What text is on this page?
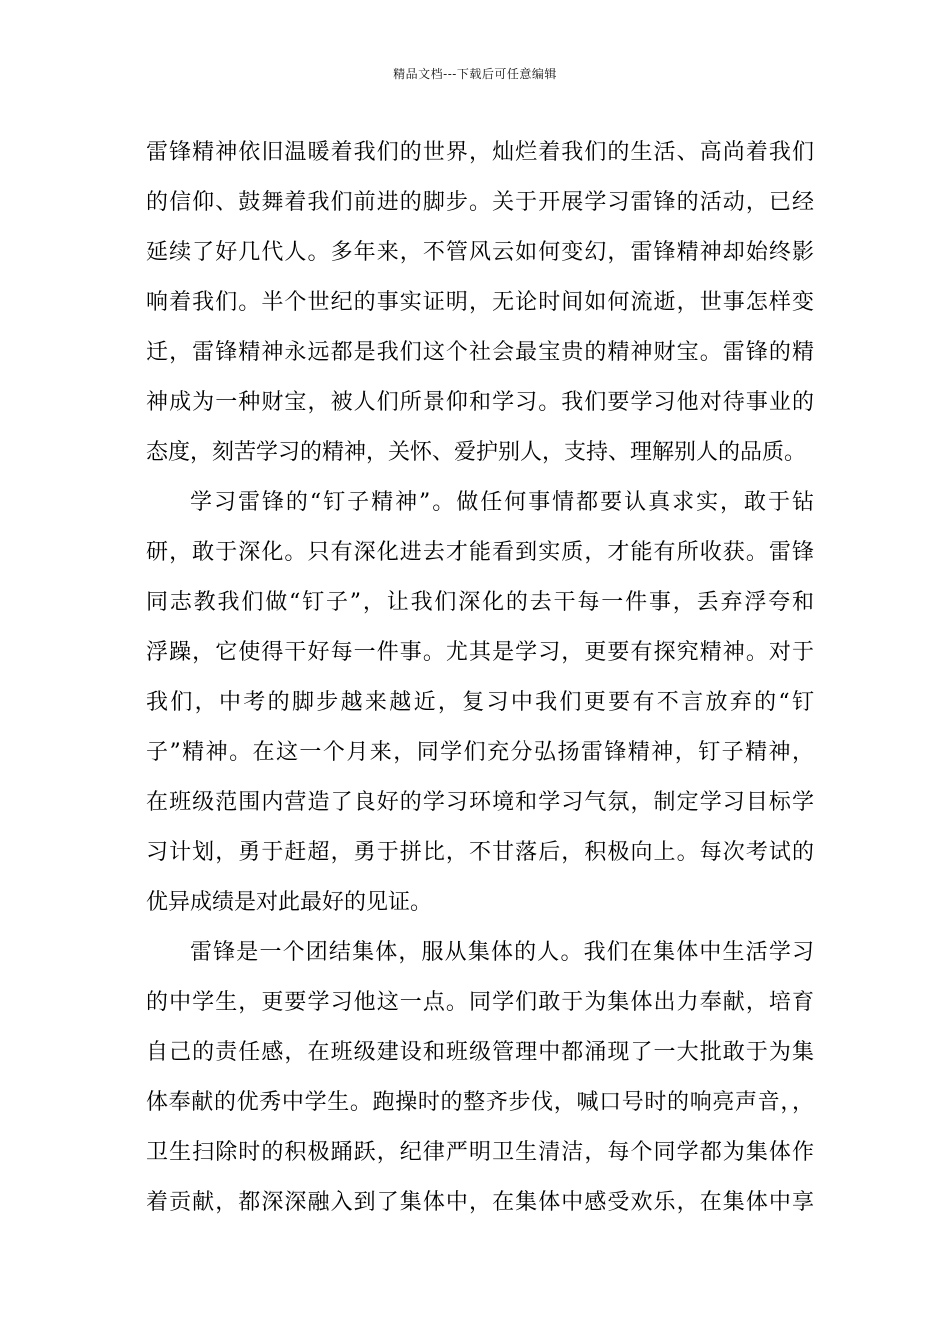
精品文档---下载后可任意编辑
雷锋精神依旧温暖着我们的世界，灿烂着我们的生活、高尚着我们
的信仰、鼓舞着我们前进的脚步。关于开展学习雷锋的活动，已经
延续了好几代人。多年来，不管风云如何变幻，雷锋精神却始终影
响着我们。半个世纪的事实证明，无论时间如何流逝，世事怎样变
迁，雷锋精神永远都是我们这个社会最宝贵的精神财宝。雷锋的精
神成为一种财宝，被人们所景仰和学习。我们要学习他对待事业的
态度，刻苦学习的精神，关怀、爱护别人，支持、理解别人的品质。
学习雷锋的“钉子精神”。做任何事情都要认真求实，敢于钻
研，敢于深化。只有深化进去才能看到实质，才能有所收获。雷锋
同志教我们做“钉子”，让我们深化的去干每一件事，丢弃浮夸和
浮躁，它使得干好每一件事。尤其是学习，更要有探究精神。对于
我们，中考的脚步越来越近，复习中我们更要有不言放弃的“钉
子”精神。在这一个月来，同学们充分弘扬雷锋精神，钉子精神，
在班级范围内营造了良好的学习环境和学习气氛，制定学习目标学
习计划，勇于赶超，勇于拼比，不甘落后，积极向上。每次考试的
优异成绩是对此最好的见证。
雷锋是一个团结集体，服从集体的人。我们在集体中生活学习
的中学生，更要学习他这一点。同学们敢于为集体出力奉献，培育
自己的责任感，在班级建设和班级管理中都涌现了一大批敢于为集
体奉献的优秀中学生。跑操时的整齐步伐，喊口号时的响亮声音，，
卫生扫除时的积极踊跃，纪律严明卫生清洁，每个同学都为集体作
着贡献，都深深融入到了集体中，在集体中感受欢乐，在集体中享
